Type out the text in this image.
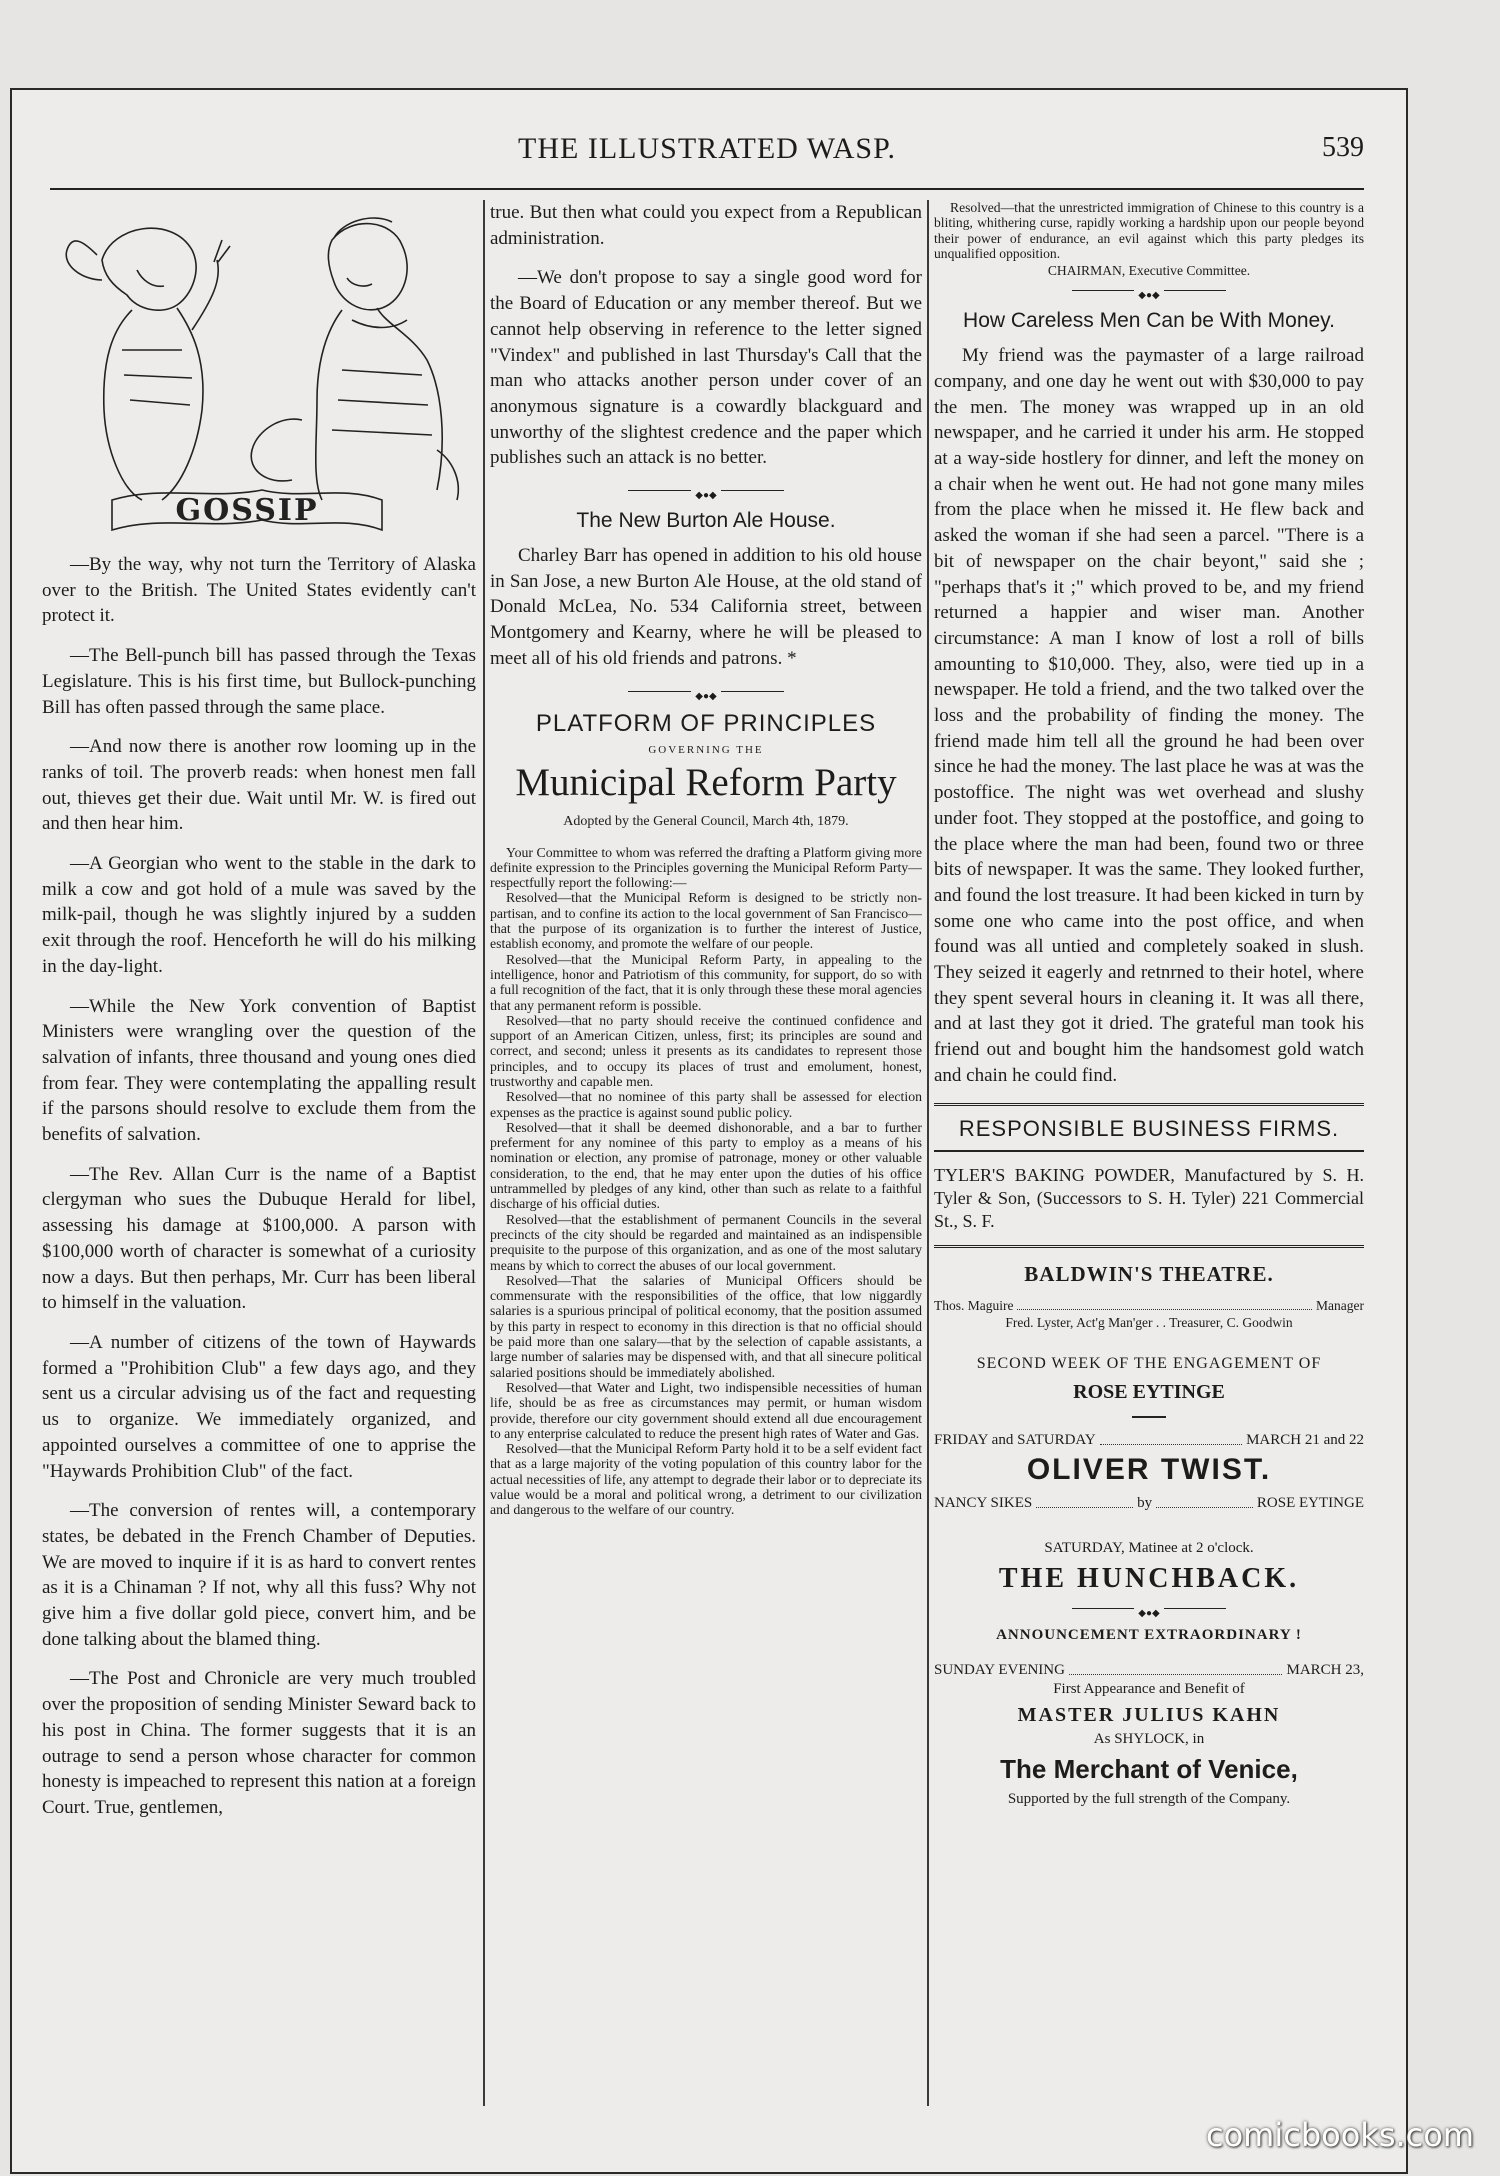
THE ILLUSTRATED WASP.	539
GOSSIP

—By the way, why not turn the Territory of Alaska over to the British. The United States evidently can't protect it.

—The Bell-punch bill has passed through the Texas Legislature. This is his first time, but Bullock-punching Bill has often passed through the same place.

—And now there is another row looming up in the ranks of toil. The proverb reads: when honest men fall out, thieves get their due. Wait until Mr. W. is fired out and then hear him.

—A Georgian who went to the stable in the dark to milk a cow and got hold of a mule was saved by the milk-pail, though he was slightly injured by a sudden exit through the roof. Henceforth he will do his milking in the day-light.

—While the New York convention of Baptist Ministers were wrangling over the question of the salvation of infants, three thousand and young ones died from fear. They were contemplating the appalling result if the parsons should resolve to exclude them from the benefits of salvation.

—The Rev. Allan Curr is the name of a Baptist clergyman who sues the Dubuque Herald for libel, assessing his damage at $100,000. A parson with $100,000 worth of character is somewhat of a curiosity now a days. But then perhaps, Mr. Curr has been liberal to himself in the valuation.

—A number of citizens of the town of Haywards formed a "Prohibition Club" a few days ago, and they sent us a circular advising us of the fact and requesting us to organize. We immediately organized, and appointed ourselves a committee of one to apprise the "Haywards Prohibition Club" of the fact.

—The conversion of rentes will, a contemporary states, be debated in the French Chamber of Deputies. We are moved to inquire if it is as hard to convert rentes as it is a Chinaman ? If not, why all this fuss? Why not give him a five dollar gold piece, convert him, and be done talking about the blamed thing.

—The Post and Chronicle are very much troubled over the proposition of sending Minister Seward back to his post in China. The former suggests that it is an outrage to send a person whose character for common honesty is impeached to represent this nation at a foreign Court. True, gentlemen,

true. But then what could you expect from a Republican administration.

—We don't propose to say a single good word for the Board of Education or any member thereof. But we cannot help observing in reference to the letter signed "Vindex" and published in last Thursday's Call that the man who attacks another person under cover of an anonymous signature is a cowardly blackguard and unworthy of the slightest credence and the paper which publishes such an attack is no better.

◆●◆
The New Burton Ale House.

Charley Barr has opened in addition to his old house in San Jose, a new Burton Ale House, at the old stand of Donald McLea, No. 534 California street, between Montgomery and Kearny, where he will be pleased to meet all of his old friends and patrons. *

◆●◆
PLATFORM OF PRINCIPLES
GOVERNING THE
Municipal Reform Party
Adopted by the General Council, March 4th, 1879.

Your Committee to whom was referred the drafting a Platform giving more definite expression to the Principles governing the Municipal Reform Party—respectfully report the following:—

Resolved—that the Municipal Reform is designed to be strictly non-partisan, and to confine its action to the local government of San Francisco—that the purpose of its organization is to further the interest of Justice, establish economy, and promote the welfare of our people.

Resolved—that the Municipal Reform Party, in appealing to the intelligence, honor and Patriotism of this community, for support, do so with a full recognition of the fact, that it is only through these these moral agencies that any permanent reform is possible.

Resolved—that no party should receive the continued confidence and support of an American Citizen, unless, first; its principles are sound and correct, and second; unless it presents as its candidates to represent those principles, and to occupy its places of trust and emolument, honest, trustworthy and capable men.

Resolved—that no nominee of this party shall be assessed for election expenses as the practice is against sound public policy.

Resolved—that it shall be deemed dishonorable, and a bar to further preferment for any nominee of this party to employ as a means of his nomination or election, any promise of patronage, money or other valuable consideration, to the end, that he may enter upon the duties of his office untrammelled by pledges of any kind, other than such as relate to a faithful discharge of his official duties.

Resolved—that the establishment of permanent Councils in the several precincts of the city should be regarded and maintained as an indispensible prequisite to the purpose of this organization, and as one of the most salutary means by which to correct the abuses of our local government.

Resolved—That the salaries of Municipal Officers should be commensurate with the responsibilities of the office, that low niggardly salaries is a spurious principal of political economy, that the position assumed by this party in respect to economy in this direction is that no official should be paid more than one salary—that by the selection of capable assistants, a large number of salaries may be dispensed with, and that all sinecure political salaried positions should be immediately abolished.

Resolved—that Water and Light, two indispensible necessities of human life, should be as free as circumstances may permit, or human wisdom provide, therefore our city government should extend all due encouragement to any enterprise calculated to reduce the present high rates of Water and Gas.

Resolved—that the Municipal Reform Party hold it to be a self evident fact that as a large majority of the voting population of this country labor for the actual necessities of life, any attempt to degrade their labor or to depreciate its value would be a moral and political wrong, a detriment to our civilization and dangerous to the welfare of our country.

Resolved—that the unrestricted immigration of Chinese to this country is a bliting, whithering curse, rapidly working a hardship upon our people beyond their power of endurance, an evil against which this party pledges its unqualified opposition.

CHAIRMAN, Executive Committee.
◆●◆
How Careless Men Can be With Money.

My friend was the paymaster of a large railroad company, and one day he went out with $30,000 to pay the men. The money was wrapped up in an old newspaper, and he carried it under his arm. He stopped at a way-side hostlery for dinner, and left the money on a chair when he went out. He had not gone many miles from the place when he missed it. He flew back and asked the woman if she had seen a parcel. "There is a bit of newspaper on the chair beyont," said she ; "perhaps that's it ;" which proved to be, and my friend returned a happier and wiser man. Another circumstance: A man I know of lost a roll of bills amounting to $10,000. They, also, were tied up in a newspaper. He told a friend, and the two talked over the loss and the probability of finding the money. The friend made him tell all the ground he had been over since he had the money. The last place he was at was the postoffice. The night was wet overhead and slushy under foot. They stopped at the postoffice, and going to the place where the man had been, found two or three bits of newspaper. It was the same. They looked further, and found the lost treasure. It had been kicked in turn by some one who came into the post office, and when found was all untied and completely soaked in slush. They seized it eagerly and retnrned to their hotel, where they spent several hours in cleaning it. It was all there, and at last they got it dried. The grateful man took his friend out and bought him the handsomest gold watch and chain he could find.

RESPONSIBLE BUSINESS FIRMS.
TYLER'S BAKING POWDER, Manufactured by S. H. Tyler & Son, (Successors to S. H. Tyler) 221 Commercial St., S. F.
BALDWIN'S THEATRE.
Thos. Maguire	Manager
Fred. Lyster, Act'g Man'ger . . Treasurer, C. Goodwin
SECOND WEEK OF THE ENGAGEMENT OF
ROSE EYTINGE
FRIDAY and SATURDAY	MARCH 21 and 22
OLIVER TWIST.
NANCY SIKES	by	ROSE EYTINGE
SATURDAY, Matinee at 2 o'clock.
THE HUNCHBACK.
◆●◆
ANNOUNCEMENT EXTRAORDINARY !
SUNDAY EVENING	MARCH 23,
First Appearance and Benefit of
MASTER JULIUS KAHN
As SHYLOCK, in
The Merchant of Venice,
Supported by the full strength of the Company.
comicbooks.com
